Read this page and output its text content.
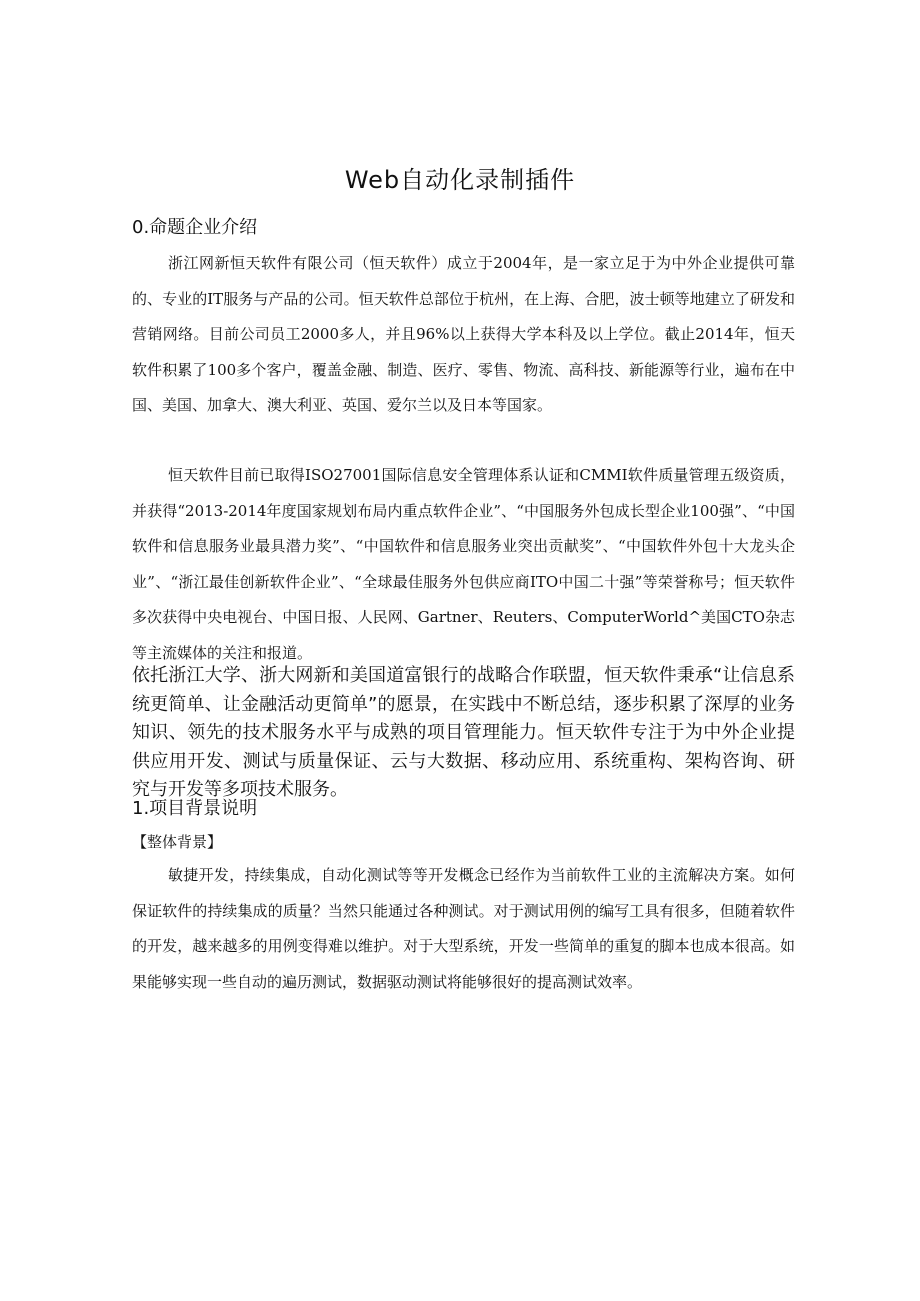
Web自动化录制插件
0.命题企业介绍

浙江网新恒天软件有限公司（恒天软件）成立于2004年，是一家立足于为中外企业提供可靠的、专业的IT服务与产品的公司。恒天软件总部位于杭州，在上海、合肥，波士顿等地建立了研发和营销网络。目前公司员工2000多人，并且96%以上获得大学本科及以上学位。截止2014年，恒天软件积累了100多个客户，覆盖金融、制造、医疗、零售、物流、高科技、新能源等行业，遍布在中国、美国、加拿大、澳大利亚、英国、爱尔兰以及日本等国家。

恒天软件目前已取得ISO27001国际信息安全管理体系认证和CMMI软件质量管理五级资质，并获得“2013-2014年度国家规划布局内重点软件企业”、“中国服务外包成长型企业100强”、“中国软件和信息服务业最具潜力奖”、“中国软件和信息服务业突出贡献奖”、“中国软件外包十大龙头企业”、“浙江最佳创新软件企业”、“全球最佳服务外包供应商ITO中国二十强”等荣誉称号；恒天软件多次获得中央电视台、中国日报、人民网、Gartner、Reuters、ComputerWorld^美国CTO杂志等主流媒体的关注和报道。

依托浙江大学、浙大网新和美国道富银行的战略合作联盟，恒天软件秉承“让信息系统更简单、让金融活动更简单”的愿景，在实践中不断总结，逐步积累了深厚的业务知识、领先的技术服务水平与成熟的项目管理能力。恒天软件专注于为中外企业提供应用开发、测试与质量保证、云与大数据、移动应用、系统重构、架构咨询、研究与开发等多项技术服务。

1.项目背景说明
【整体背景】

敏捷开发，持续集成，自动化测试等等开发概念已经作为当前软件工业的主流解决方案。如何保证软件的持续集成的质量？当然只能通过各种测试。对于测试用例的编写工具有很多，但随着软件的开发，越来越多的用例变得难以维护。对于大型系统，开发一些简单的重复的脚本也成本很高。如果能够实现一些自动的遍历测试，数据驱动测试将能够很好的提高测试效率。
